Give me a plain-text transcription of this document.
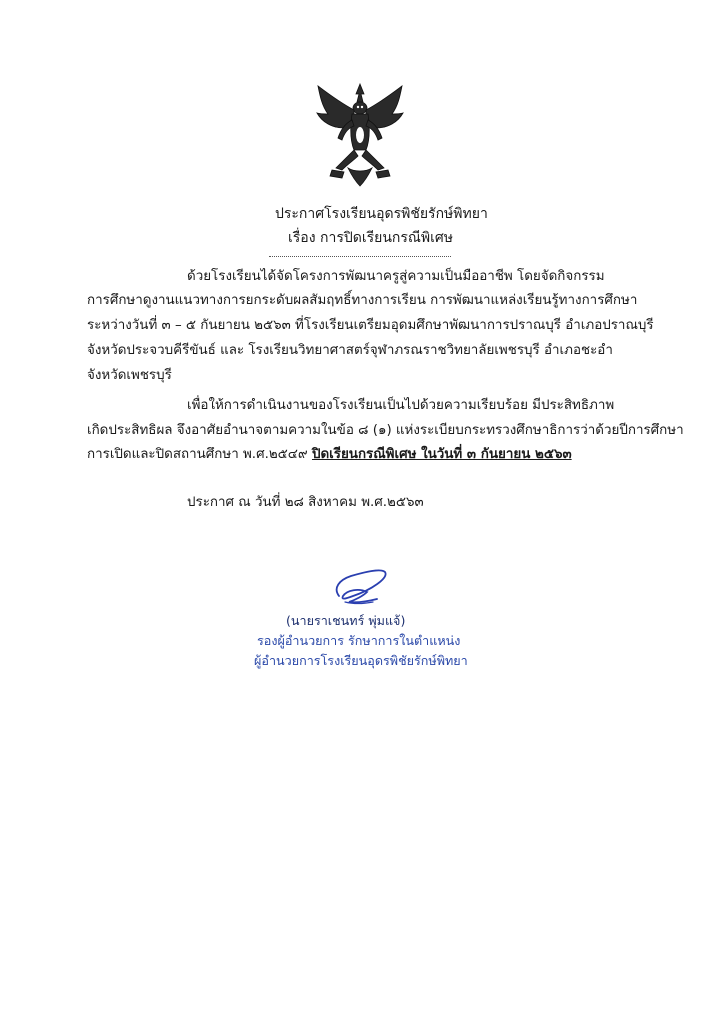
ประกาศโรงเรียนอุดรพิชัยรักษ์พิทยา
เรื่อง การปิดเรียนกรณีพิเศษ
ด้วยโรงเรียนได้จัดโครงการพัฒนาครูสู่ความเป็นมืออาชีพ โดยจัดกิจกรรม
การศึกษาดูงานแนวทางการยกระดับผลสัมฤทธิ์ทางการเรียน การพัฒนาแหล่งเรียนรู้ทางการศึกษา
ระหว่างวันที่ ๓ – ๕ กันยายน ๒๕๖๓ ที่โรงเรียนเตรียมอุดมศึกษาพัฒนาการปราณบุรี อำเภอปราณบุรี
จังหวัดประจวบคีรีขันธ์ และ โรงเรียนวิทยาศาสตร์จุฬาภรณราชวิทยาลัยเพชรบุรี อำเภอชะอำ
จังหวัดเพชรบุรี
เพื่อให้การดำเนินงานของโรงเรียนเป็นไปด้วยความเรียบร้อย มีประสิทธิภาพ
เกิดประสิทธิผล จึงอาศัยอำนาจตามความในข้อ ๘ (๑) แห่งระเบียบกระทรวงศึกษาธิการว่าด้วยปีการศึกษา
การเปิดและปิดสถานศึกษา พ.ศ.๒๕๔๙ ปิดเรียนกรณีพิเศษ ในวันที่ ๓ กันยายน ๒๕๖๓
ประกาศ ณ วันที่ ๒๘ สิงหาคม พ.ศ.๒๕๖๓
(นายราเชนทร์ พุ่มแจ้)
รองผู้อำนวยการ รักษาการในตำแหน่ง
ผู้อำนวยการโรงเรียนอุดรพิชัยรักษ์พิทยา
